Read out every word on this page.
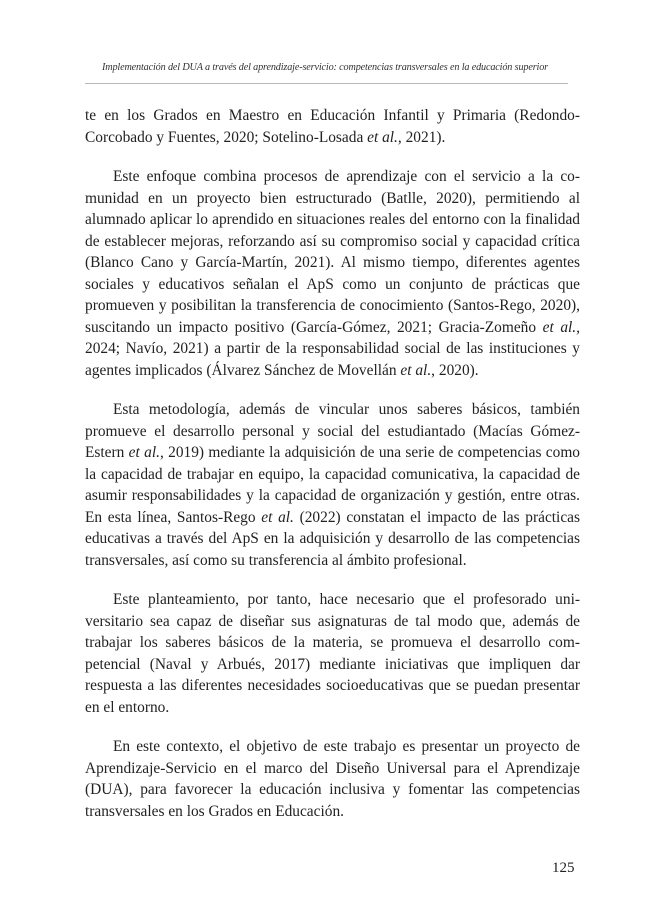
Implementación del DUA a través del aprendizaje-servicio: competencias transversales en la educación superior

te en los Grados en Maestro en Educación Infantil y Primaria (Redondo-Corcobado y Fuentes, 2020; Sotelino-Losada et al., 2021).

Este enfoque combina procesos de aprendizaje con el servicio a la comunidad en un proyecto bien estructurado (Batlle, 2020), permitiendo al alumnado aplicar lo aprendido en situaciones reales del entorno con la finalidad de establecer mejoras, reforzando así su compromiso social y capacidad crítica (Blanco Cano y García-Martín, 2021). Al mismo tiempo, diferentes agentes sociales y educativos señalan el ApS como un conjunto de prácticas que promueven y posibilitan la transferencia de conocimiento (Santos-Rego, 2020), suscitando un impacto positivo (García-Gómez, 2021; Gracia-Zomeño et al., 2024; Navío, 2021) a partir de la responsabilidad social de las instituciones y agentes implicados (Álvarez Sánchez de Movellán et al., 2020).

Esta metodología, además de vincular unos saberes básicos, también promueve el desarrollo personal y social del estudiantado (Macías Gómez-Estern et al., 2019) mediante la adquisición de una serie de competencias como la capacidad de trabajar en equipo, la capacidad comunicativa, la capacidad de asumir responsabilidades y la capacidad de organización y gestión, entre otras. En esta línea, Santos-Rego et al. (2022) constatan el impacto de las prácticas educativas a través del ApS en la adquisición y desarrollo de las competencias transversales, así como su transferencia al ámbito profesional.

Este planteamiento, por tanto, hace necesario que el profesorado universitario sea capaz de diseñar sus asignaturas de tal modo que, además de trabajar los saberes básicos de la materia, se promueva el desarrollo competencial (Naval y Arbués, 2017) mediante iniciativas que impliquen dar respuesta a las diferentes necesidades socioeducativas que se puedan presentar en el entorno.

En este contexto, el objetivo de este trabajo es presentar un proyecto de Aprendizaje-Servicio en el marco del Diseño Universal para el Aprendizaje (DUA), para favorecer la educación inclusiva y fomentar las competencias transversales en los Grados en Educación.

125
